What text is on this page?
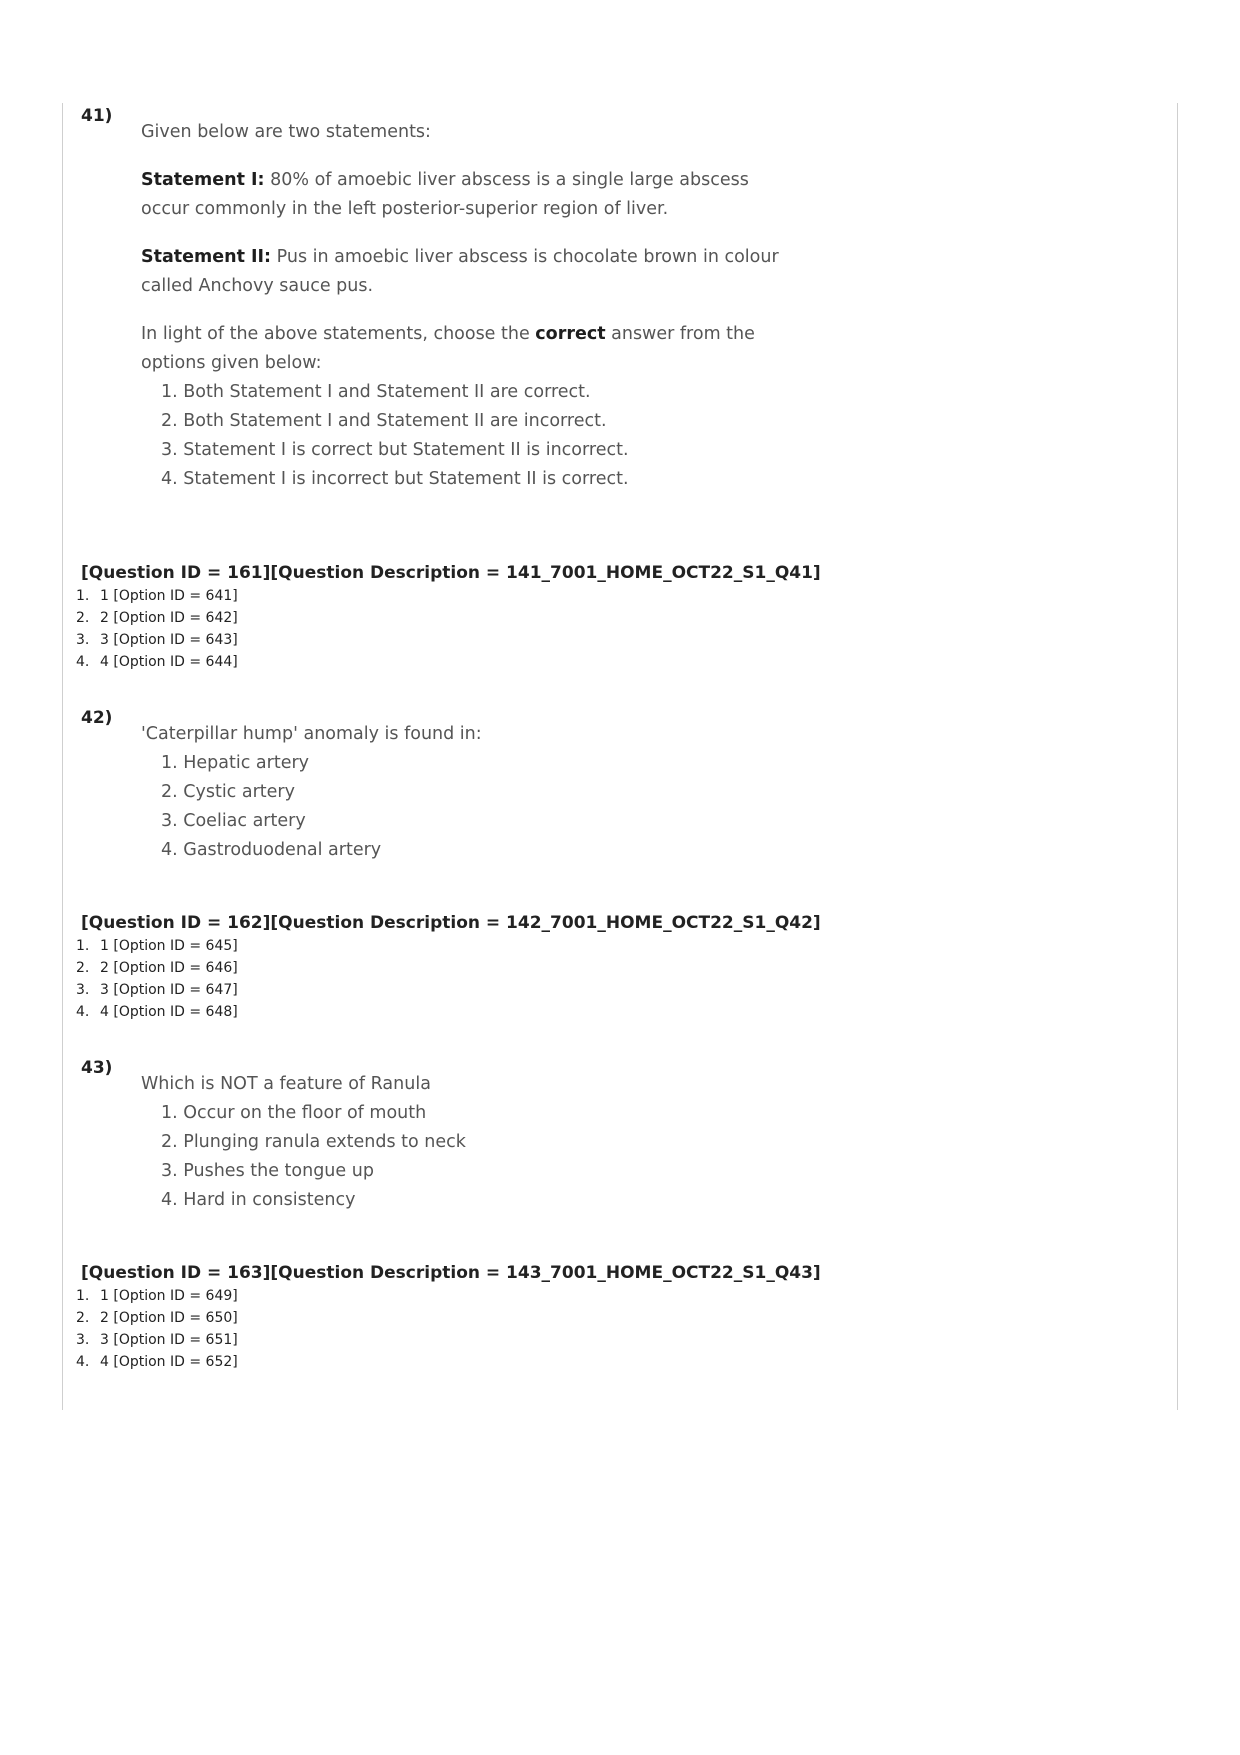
41)

Given below are two statements:

Statement I: 80% of amoebic liver abscess is a single large abscess occur commonly in the left posterior-superior region of liver.

Statement II: Pus in amoebic liver abscess is chocolate brown in colour called Anchovy sauce pus.

In light of the above statements, choose the correct answer from the options given below:

1. Both Statement I and Statement II are correct.
2. Both Statement I and Statement II are incorrect.
3. Statement I is correct but Statement II is incorrect.
4. Statement I is incorrect but Statement II is correct.
[Question ID = 161][Question Description = 141_7001_HOME_OCT22_S1_Q41]
1. 1 [Option ID = 641]
2. 2 [Option ID = 642]
3. 3 [Option ID = 643]
4. 4 [Option ID = 644]
42)

'Caterpillar hump' anomaly is found in:

1. Hepatic artery
2. Cystic artery
3. Coeliac artery
4. Gastroduodenal artery
[Question ID = 162][Question Description = 142_7001_HOME_OCT22_S1_Q42]
1. 1 [Option ID = 645]
2. 2 [Option ID = 646]
3. 3 [Option ID = 647]
4. 4 [Option ID = 648]
43)

Which is NOT a feature of Ranula

1. Occur on the floor of mouth
2. Plunging ranula extends to neck
3. Pushes the tongue up
4. Hard in consistency
[Question ID = 163][Question Description = 143_7001_HOME_OCT22_S1_Q43]
1. 1 [Option ID = 649]
2. 2 [Option ID = 650]
3. 3 [Option ID = 651]
4. 4 [Option ID = 652]
